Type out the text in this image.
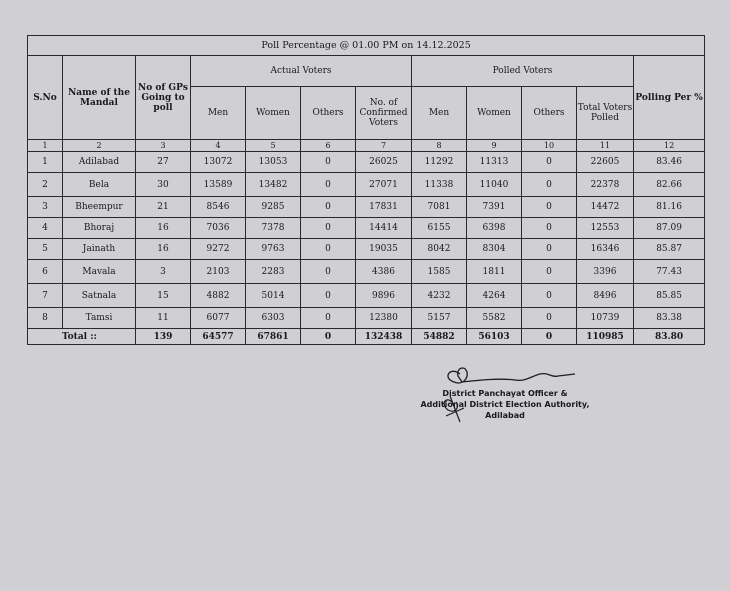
Poll Percentage @ 01.00 PM on 14.12.2025											
S.No	Name of the Mandal	No of GPs Going to poll	Actual Voters				Polled Voters				Polling Per %
			Men	Women	Others	No. of Confirmed Voters	Men	Women	Others	Total Voters Polled	
1	2	3	4	5	6	7	8	9	10	11	12
1	Adilabad	27	13072	13053	0	26025	11292	11313	0	22605	83.46
2	Bela	30	13589	13482	0	27071	11338	11040	0	22378	82.66
3	Bheempur	21	8546	9285	0	17831	7081	7391	0	14472	81.16
4	Bhoraj	16	7036	7378	0	14414	6155	6398	0	12553	87.09
5	Jainath	16	9272	9763	0	19035	8042	8304	0	16346	85.87
6	Mavala	3	2103	2283	0	4386	1585	1811	0	3396	77.43
7	Satnala	15	4882	5014	0	9896	4232	4264	0	8496	85.85
8	Tamsi	11	6077	6303	0	12380	5157	5582	0	10739	83.38
Total ::		139	64577	67861	0	132438	54882	56103	0	110985	83.80
District Panchayat Officer &
Additional District Election Authority,
Adilabad
